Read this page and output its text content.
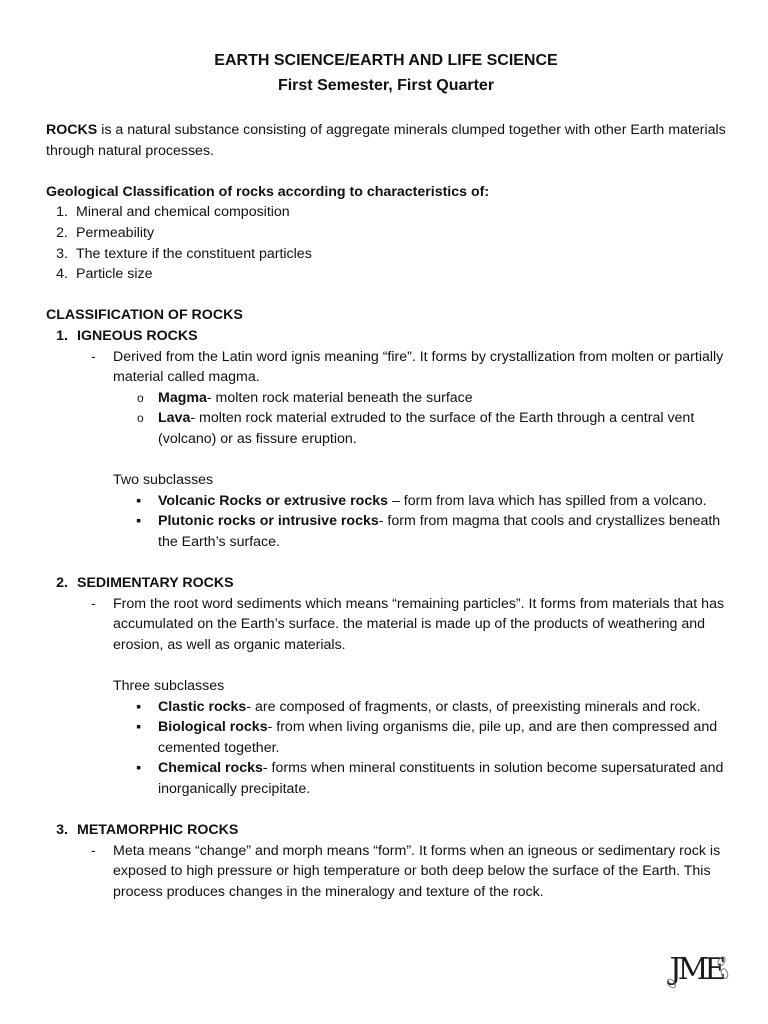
EARTH SCIENCE/EARTH AND LIFE SCIENCE
First Semester, First Quarter

ROCKS is a natural substance consisting of aggregate minerals clumped together with other Earth materials through natural processes.

Geological Classification of rocks according to characteristics of:

1. Mineral and chemical composition
2. Permeability
3. The texture if the constituent particles
4. Particle size

CLASSIFICATION OF ROCKS

1. IGNEOUS ROCKS
-	Derived from the Latin word ignis meaning “fire”. It forms by crystallization from molten or partially material called magma.
o	Magma- molten rock material beneath the surface
o	Lava- molten rock material extruded to the surface of the Earth through a central vent (volcano) or as fissure eruption.

Two subclasses

▪	Volcanic Rocks or extrusive rocks – form from lava which has spilled from a volcano.
▪	Plutonic rocks or intrusive rocks- form from magma that cools and crystallizes beneath the Earth’s surface.
2. SEDIMENTARY ROCKS
-	From the root word sediments which means “remaining particles”. It forms from materials that has accumulated on the Earth’s surface. the material is made up of the products of weathering and erosion, as well as organic materials.

Three subclasses

▪	Clastic rocks- are composed of fragments, or clasts, of preexisting minerals and rock.
▪	Biological rocks- from when living organisms die, pile up, and are then compressed and cemented together.
▪	Chemical rocks- forms when mineral constituents in solution become supersaturated and inorganically precipitate.
3. METAMORPHIC ROCKS
-	Meta means “change” and morph means “form”. It forms when an igneous or sedimentary rock is exposed to high pressure or high temperature or both deep below the surface of the Earth. This process produces changes in the mineralogy and texture of the rock.
JME
